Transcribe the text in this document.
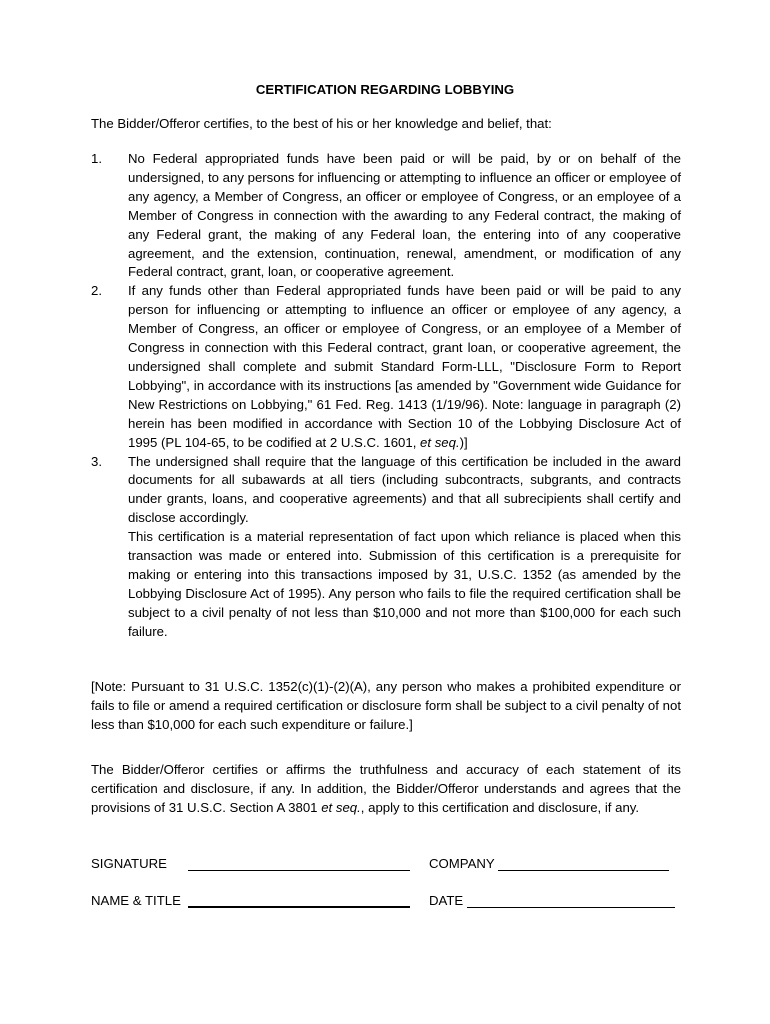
CERTIFICATION REGARDING LOBBYING
The Bidder/Offeror certifies, to the best of his or her knowledge and belief, that:
1.	No Federal appropriated funds have been paid or will be paid, by or on behalf of the undersigned, to any persons for influencing or attempting to influence an officer or employee of any agency, a Member of Congress, an officer or employee of Congress, or an employee of a Member of Congress in connection with the awarding to any Federal contract, the making of any Federal grant, the making of any Federal loan, the entering into of any cooperative agreement, and the extension, continuation, renewal, amendment, or modification of any Federal contract, grant, loan, or cooperative agreement.
2.	If any funds other than Federal appropriated funds have been paid or will be paid to any person for influencing or attempting to influence an officer or employee of any agency, a Member of Congress, an officer or employee of Congress, or an employee of a Member of Congress in connection with this Federal contract, grant loan, or cooperative agreement, the undersigned shall complete and submit Standard Form-LLL, "Disclosure Form to Report Lobbying", in accordance with its instructions [as amended by "Government wide Guidance for New Restrictions on Lobbying," 61 Fed. Reg. 1413 (1/19/96). Note: language in paragraph (2) herein has been modified in accordance with Section 10 of the Lobbying Disclosure Act of 1995 (PL 104-65, to be codified at 2 U.S.C. 1601, et seq.)]
3.	The undersigned shall require that the language of this certification be included in the award documents for all subawards at all tiers (including subcontracts, subgrants, and contracts under grants, loans, and cooperative agreements) and that all subrecipients shall certify and disclose accordingly.

This certification is a material representation of fact upon which reliance is placed when this transaction was made or entered into. Submission of this certification is a prerequisite for making or entering into this transactions imposed by 31, U.S.C. 1352 (as amended by the Lobbying Disclosure Act of 1995). Any person who fails to file the required certification shall be subject to a civil penalty of not less than $10,000 and not more than $100,000 for each such failure.

[Note: Pursuant to 31 U.S.C. 1352(c)(1)-(2)(A), any person who makes a prohibited expenditure or fails to file or amend a required certification or disclosure form shall be subject to a civil penalty of not less than $10,000 for each such expenditure or failure.]
The Bidder/Offeror certifies or affirms the truthfulness and accuracy of each statement of its certification and disclosure, if any. In addition, the Bidder/Offeror understands and agrees that the provisions of 31 U.S.C. Section A 3801 et seq., apply to this certification and disclosure, if any.
SIGNATURE	COMPANY
NAME & TITLE	DATE
